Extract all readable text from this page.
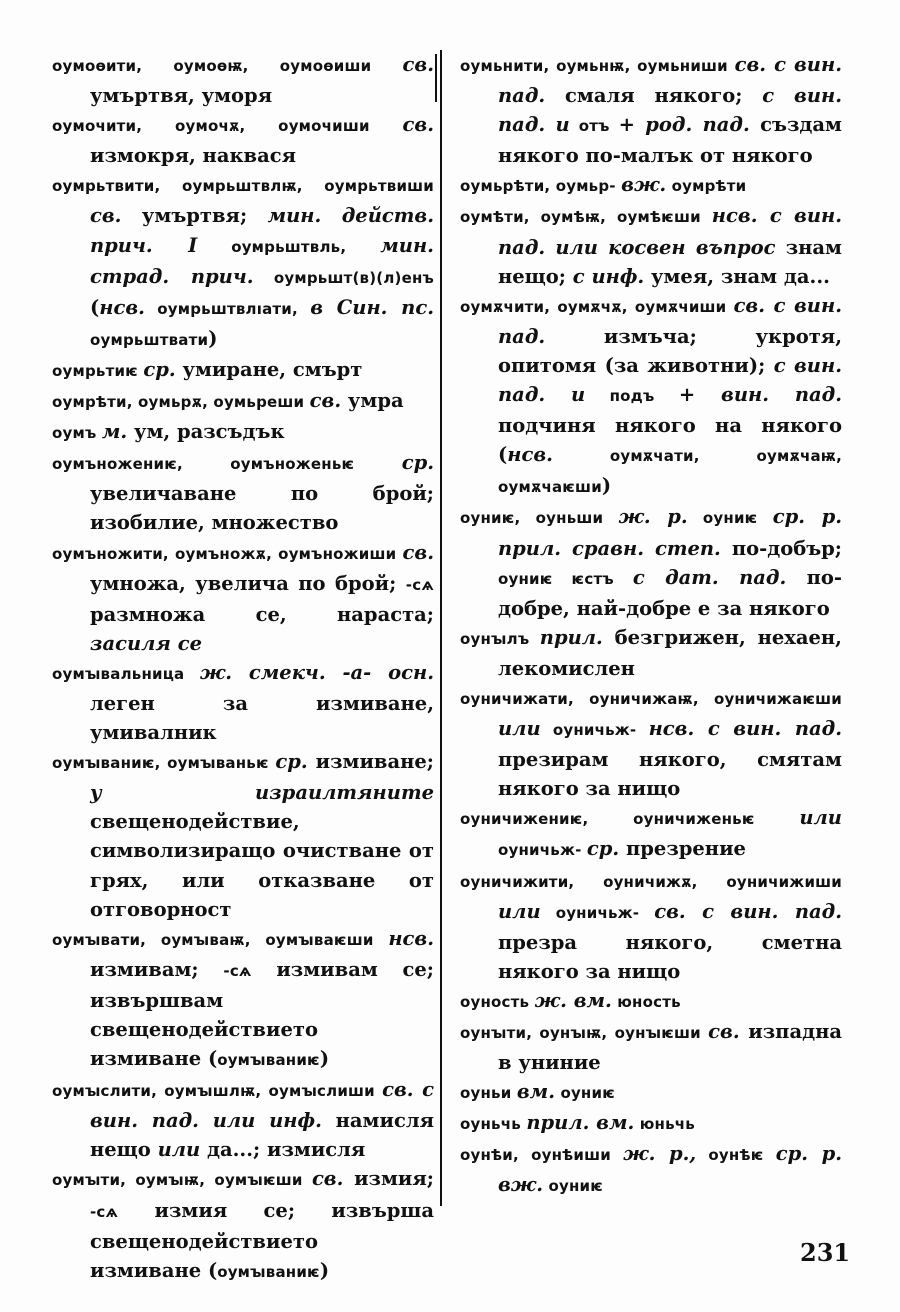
оумоѳити, оумоѳѭ, оумоѳиши св. умъртвя, уморя

оумочити, оумочѫ, оумочиши св. измокря, наквася

оумрьтвити, оумрьштвлѭ, оумрьтвиши св. умъртвя; мин. действ. прич. I оумрьштвль, мин. страд. прич. оумрьшт(в)(л)енъ (нсв. оумрьштвлıати, в Син. пс. оумрьштвати)

оумрьтиѥ ср. умиране, смърт

оумрѣти, оумьрѫ, оумьреши св. умра

оумъ м. ум, разсъдък

оумъножениѥ, оумъноженьѥ ср. увеличаване по брой; изобилие, множество

оумъножити, оумъножѫ, оумъножиши св. умножа, увелича по брой; -сѧ размножа се, нараста; засиля се

оумꙑвальница ж. смекч. -а- осн. леген за измиване, умивалник

оумꙑваниѥ, оумꙑваньѥ ср. измиване; у израилтяните свещенодействие, символизиращо очистване от грях, или отказване от отговорност

оумꙑвати, оумꙑваѭ, оумꙑваѥши нсв. измивам; -сѧ измивам се; извършвам свещенодействието измиване (оумꙑваниѥ)

оумꙑслити, оумꙑшлѭ, оумꙑслиши св. с вин. пад. или инф. намисля нещо или да...; измисля

оумꙑти, оумꙑѭ, оумꙑѥши св. измия; -сѧ измия се; извърша свещенодействието измиване (оумꙑваниѥ)

оумьнити, оумьнѭ, оумьниши св. с вин. пад. смаля някого; с вин. пад. и отъ + род. пад. създам някого по-малък от някого

оумьрѣти, оумьр- вж. оумрѣти

оумѣти, оумѣѭ, оумѣѥши нсв. с вин. пад. или косвен въпрос знам нещо; с инф. умея, знам да...

оумѫчити, оумѫчѫ, оумѫчиши св. с вин. пад. измъча; укротя, опитомя (за животни); с вин. пад. и подъ + вин. пад. подчиня някого на някого (нсв. оумѫчати, оумѫчаѭ, оумѫчаѥши)

оуниѥ, оуньши ж. р. оуниѥ ср. р. прил. сравн. степ. по-добър; оуниѥ ѥстъ с дат. пад. по-добре, най-добре е за някого

оунꙑлъ прил. безгрижен, нехаен, лекомислен

оуничижати, оуничижаѭ, оуничижаѥши или оуничьж- нсв. с вин. пад. презирам някого, смятам някого за нищо

оуничижениѥ, оуничиженьѥ или оуничьж- ср. презрение

оуничижити, оуничижѫ, оуничижиши или оуничьж- св. с вин. пад. презра някого, сметна някого за нищо

оуность ж. вм. юность

оунꙑти, оунꙑѭ, оунꙑѥши св. изпадна в униние

оуньи вм. оуниѥ

оуньчь прил. вм. юньчь

оунѣи, оунѣиши ж. р., оунѣѥ ср. р. вж. оуниѥ

231
